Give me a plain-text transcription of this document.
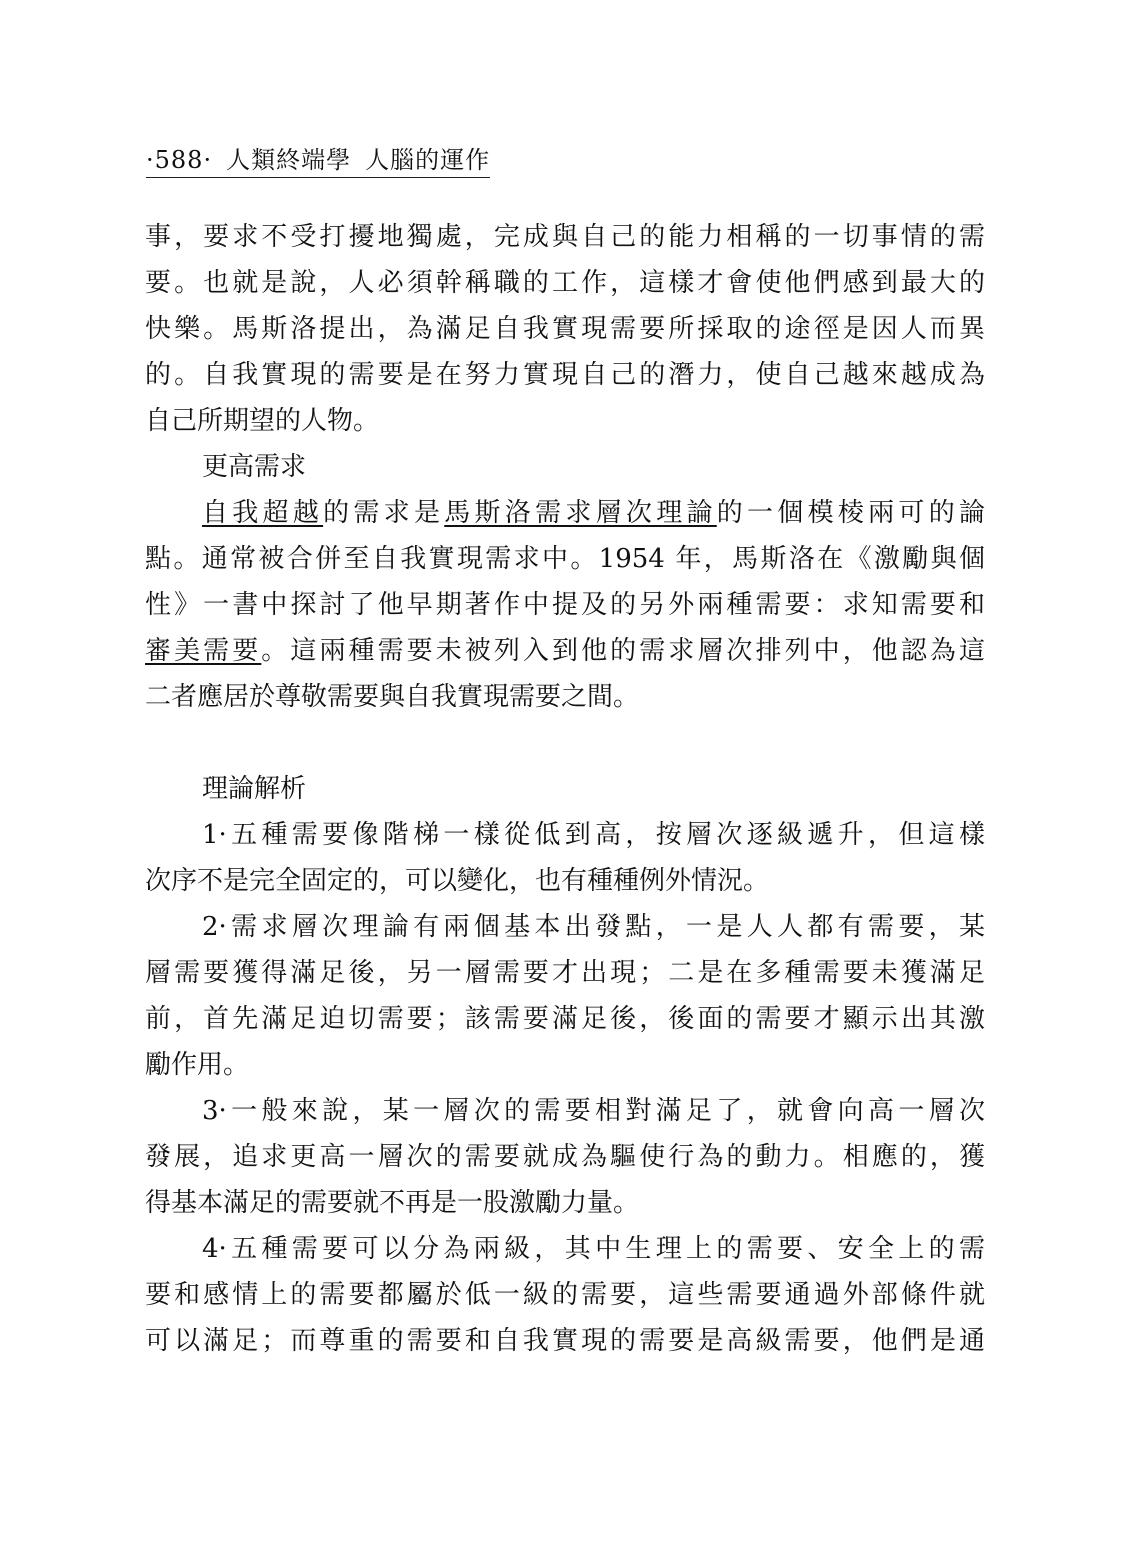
·588· 人類終端學 人腦的運作
事，要求不受打擾地獨處，完成與自己的能力相稱的一切事情的需
要。也就是說，人必須幹稱職的工作，這樣才會使他們感到最大的
快樂。馬斯洛提出，為滿足自我實現需要所採取的途徑是因人而異
的。自我實現的需要是在努力實現自己的潛力，使自己越來越成為
自己所期望的人物。
更高需求
自我超越的需求是馬斯洛需求層次理論的一個模棱兩可的論
點。通常被合併至自我實現需求中。1954 年，馬斯洛在《激勵與個
性》一書中探討了他早期著作中提及的另外兩種需要：求知需要和
審美需要。這兩種需要未被列入到他的需求層次排列中，他認為這
二者應居於尊敬需要與自我實現需要之間。
理論解析
1·五種需要像階梯一樣從低到高，按層次逐級遞升，但這樣
次序不是完全固定的，可以變化，也有種種例外情況。
2·需求層次理論有兩個基本出發點，一是人人都有需要，某
層需要獲得滿足後，另一層需要才出現；二是在多種需要未獲滿足
前，首先滿足迫切需要；該需要滿足後，後面的需要才顯示出其激
勵作用。
3·一般來說，某一層次的需要相對滿足了，就會向高一層次
發展，追求更高一層次的需要就成為驅使行為的動力。相應的，獲
得基本滿足的需要就不再是一股激勵力量。
4·五種需要可以分為兩級，其中生理上的需要、安全上的需
要和感情上的需要都屬於低一級的需要，這些需要通過外部條件就
可以滿足；而尊重的需要和自我實現的需要是高級需要，他們是通
